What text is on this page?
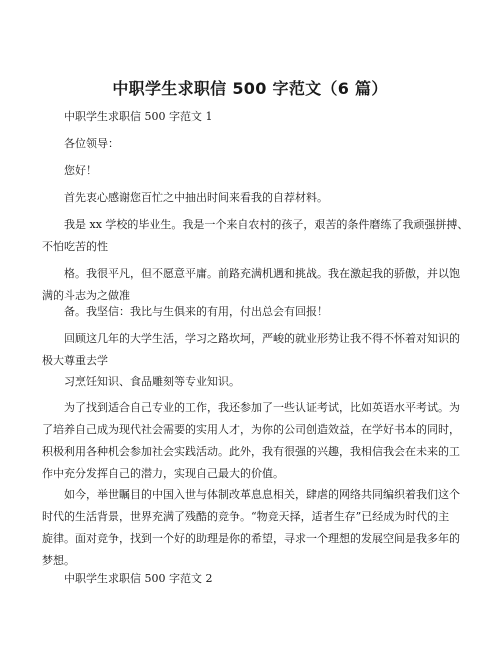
中职学生求职信 500 字范文（6 篇）

中职学生求职信 500 字范文 1

各位领导：

您好！

首先衷心感谢您百忙之中抽出时间来看我的自荐材料。

我是 xx 学校的毕业生。我是一个来自农村的孩子，艰苦的条件磨练了我顽强拼搏、
不怕吃苦的性

格。我很平凡，但不愿意平庸。前路充满机遇和挑战。我在激起我的骄傲，并以饱
满的斗志为之做准

备。我坚信：我比与生俱来的有用，付出总会有回报！

回顾这几年的大学生活，学习之路坎坷，严峻的就业形势让我不得不怀着对知识的
极大尊重去学

习烹饪知识、食品雕刻等专业知识。

为了找到适合自己专业的工作，我还参加了一些认证考试，比如英语水平考试。为
了培养自己成为现代社会需要的实用人才，为你的公司创造效益，在学好书本的同时，
积极利用各种机会参加社会实践活动。此外，我有很强的兴趣，我相信我会在未来的工
作中充分发挥自己的潜力，实现自己最大的价值。

如今，举世瞩目的中国入世与体制改革息息相关，肆虐的网络共同编织着我们这个
时代的生活背景，世界充满了残酷的竞争。“物竞天择，适者生存”已经成为时代的主
旋律。面对竞争，找到一个好的助理是你的希望，寻求一个理想的发展空间是我多年的
梦想。

中职学生求职信 500 字范文 2
